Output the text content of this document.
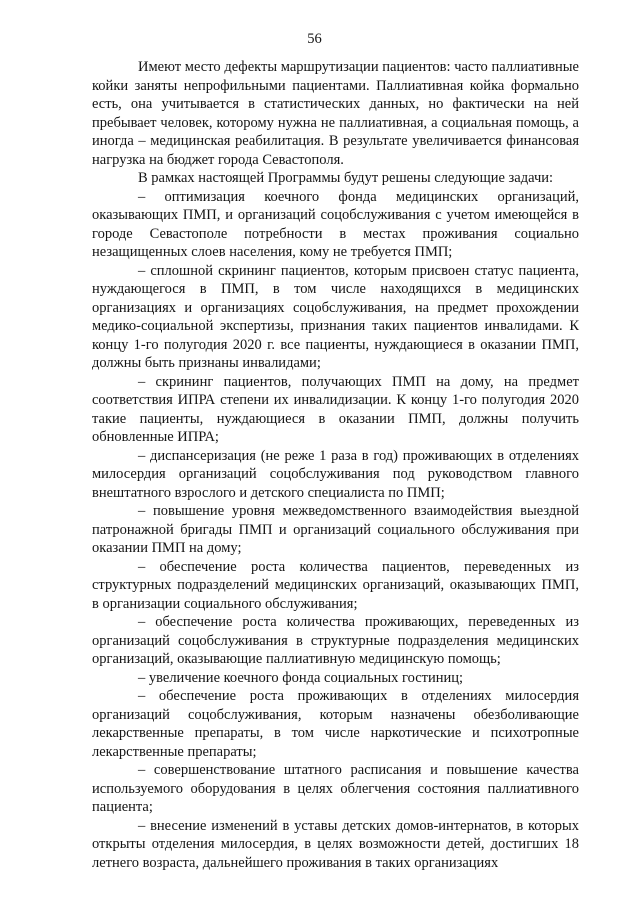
56

Имеют место дефекты маршрутизации пациентов: часто паллиативные койки заняты непрофильными пациентами. Паллиативная койка формально есть, она учитывается в статистических данных, но фактически на ней пребывает человек, которому нужна не паллиативная, а социальная помощь, а иногда – медицинская реабилитация. В результате увеличивается финансовая нагрузка на бюджет города Севастополя.

В рамках настоящей Программы будут решены следующие задачи:

– оптимизация коечного фонда медицинских организаций, оказывающих ПМП, и организаций соцобслуживания с учетом имеющейся в городе Севастополе потребности в местах проживания социально незащищенных слоев населения, кому не требуется ПМП;

– сплошной скрининг пациентов, которым присвоен статус пациента, нуждающегося в ПМП, в том числе находящихся в медицинских организациях и организациях соцобслуживания, на предмет прохождении медико-социальной экспертизы, признания таких пациентов инвалидами. К концу 1-го полугодия 2020 г. все пациенты, нуждающиеся в оказании ПМП, должны быть признаны инвалидами;

– скрининг пациентов, получающих ПМП на дому, на предмет соответствия ИПРА степени их инвалидизации. К концу 1-го полугодия 2020 такие пациенты, нуждающиеся в оказании ПМП, должны получить обновленные ИПРА;

– диспансеризация (не реже 1 раза в год) проживающих в отделениях милосердия организаций соцобслуживания под руководством главного внештатного взрослого и детского специалиста по ПМП;

– повышение уровня межведомственного взаимодействия выездной патронажной бригады ПМП и организаций социального обслуживания при оказании ПМП на дому;

– обеспечение роста количества пациентов, переведенных из структурных подразделений медицинских организаций, оказывающих ПМП, в организации социального обслуживания;

– обеспечение роста количества проживающих, переведенных из организаций соцобслуживания в структурные подразделения медицинских организаций, оказывающие паллиативную медицинскую помощь;

– увеличение коечного фонда социальных гостиниц;

– обеспечение роста проживающих в отделениях милосердия организаций соцобслуживания, которым назначены обезболивающие лекарственные препараты, в том числе наркотические и психотропные лекарственные препараты;

– совершенствование штатного расписания и повышение качества используемого оборудования в целях облегчения состояния паллиативного пациента;

– внесение изменений в уставы детских домов-интернатов, в которых открыты отделения милосердия, в целях возможности детей, достигших 18 летнего возраста, дальнейшего проживания в таких организациях
